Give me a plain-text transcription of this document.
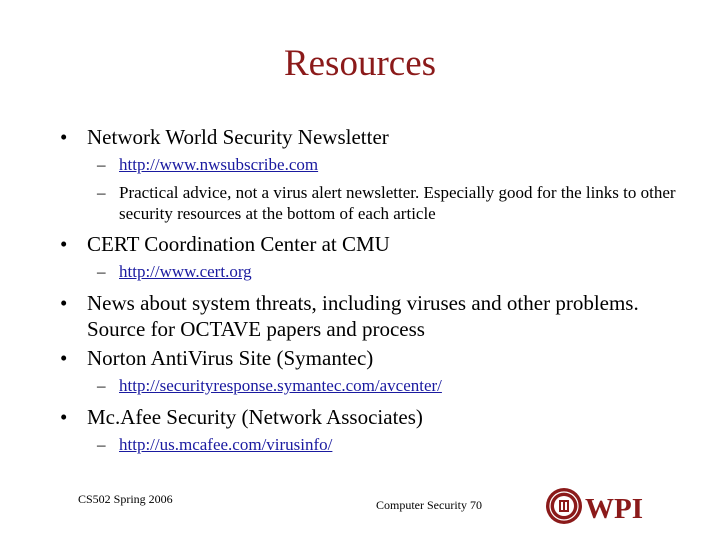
Resources
• Network World Security Newsletter
– http://www.nwsubscribe.com
– Practical advice, not a virus alert newsletter. Especially good for the links to other security resources at the bottom of each article
• CERT Coordination Center at CMU
– http://www.cert.org
• News about system threats, including viruses and other problems. Source for OCTAVE papers and process
• Norton AntiVirus Site (Symantec)
– http://securityresponse.symantec.com/avcenter/
• Mc.Afee Security (Network Associates)
– http://us.mcafee.com/virusinfo/
CS502 Spring 2006	Computer Security 70	WPI
